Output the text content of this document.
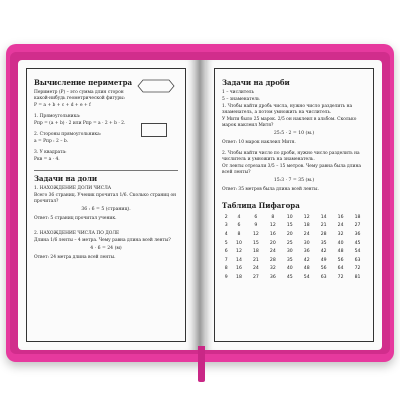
Вычисление периметра

Периметр (P) – это сумма длин сторон какой-нибудь геометрической фигуры:

P = a + b + c + d + e + f

1. Прямоугольника:

Pпр = (a + b) · 2 или Pпр = a · 2 + b · 2.

2. Стороны прямоугольника:

a = Pпр : 2 – b.

3. У квадрата:

Pкв = a · 4.

Задачи на доли

1. НАХОЖДЕНИЕ ДОЛИ ЧИСЛА

Всего 36 страниц. Ученик прочитал 1/6. Сколько страниц он прочитал?

36 : 6 = 5 (страниц).

Ответ: 5 страниц прочитал ученик.

2. НАХОЖДЕНИЕ ЧИСЛА ПО ДОЛЕ

Длина 1/6 ленты – 4 метра. Чему равна длина всей ленты?

4 · 6 = 24 (м)

Ответ: 24 метра длина всей ленты.

Задачи на дроби

1 – числитель

5 – знаменатель

1. Чтобы найти дробь числа, нужно число разделить на знаменатель, а потом умножить на числитель.

У Мити было 25 марок. 2/5 он наклеил в альбом. Сколько марок наклеил Митя?

25:5 · 2 = 10 (м.)

Ответ: 10 марок наклеил Митя.

2. Чтобы найти число по дроби, нужно число разделить на числитель и умножить на знаменатель.

От ленты отрезали 3/5 – 15 метров. Чему равна была длина всей ленты?

15:3 · 7 = 35 (м.)

Ответ: 35 метров была длина всей ленты.

Таблица Пифагора
2	4	6	8	10	12	14	16	18
3	6	9	12	15	18	21	24	27
4	8	12	16	20	24	28	32	36
5	10	15	20	25	30	35	40	45
6	12	18	24	30	36	42	48	54
7	14	21	28	35	42	49	56	63
8	16	24	32	40	48	56	64	72
9	18	27	36	45	54	63	72	81
